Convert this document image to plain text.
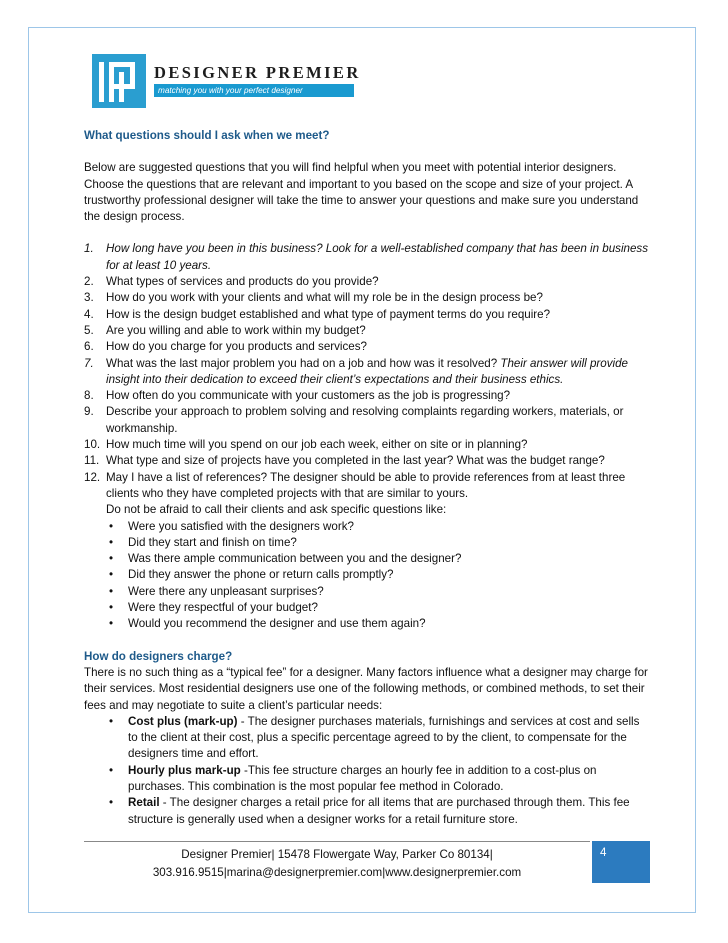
DESIGNER PREMIER
matching you with your perfect designer
What questions should I ask when we meet?

Below are suggested questions that you will find helpful when you meet with potential interior designers. Choose the questions that are relevant and important to you based on the scope and size of your project. A trustworthy professional designer will take the time to answer your questions and make sure you understand the design process.

1. How long have you been in this business? Look for a well-established company that has been in business for at least 10 years.
2. What types of services and products do you provide?
3. How do you work with your clients and what will my role be in the design process be?
4. How is the design budget established and what type of payment terms do you require?
5. Are you willing and able to work within my budget?
6. How do you charge for you products and services?
7. What was the last major problem you had on a job and how was it resolved? Their answer will provide insight into their dedication to exceed their client’s expectations and their business ethics.
8. How often do you communicate with your customers as the job is progressing?
9. Describe your approach to problem solving and resolving complaints regarding workers, materials, or workmanship.
10. How much time will you spend on our job each week, either on site or in planning?
11. What type and size of projects have you completed in the last year? What was the budget range?
12. May I have a list of references? The designer should be able to provide references from at least three clients who they have completed projects with that are similar to yours.

Do not be afraid to call their clients and ask specific questions like:

• Were you satisfied with the designers work?
• Did they start and finish on time?
• Was there ample communication between you and the designer?
• Did they answer the phone or return calls promptly?
• Were there any unpleasant surprises?
• Were they respectful of your budget?
• Would you recommend the designer and use them again?
How do designers charge?

There is no such thing as a “typical fee” for a designer. Many factors influence what a designer may charge for their services. Most residential designers use one of the following methods, or combined methods, to set their fees and may negotiate to suite a client’s particular needs:

• Cost plus (mark-up) - The designer purchases materials, furnishings and services at cost and sells to the client at their cost, plus a specific percentage agreed to by the client, to compensate for the designers time and effort.
• Hourly plus mark-up -This fee structure charges an hourly fee in addition to a cost-plus on purchases. This combination is the most popular fee method in Colorado.
• Retail - The designer charges a retail price for all items that are purchased through them. This fee structure is generally used when a designer works for a retail furniture store.
Designer Premier| 15478 Flowergate Way, Parker Co 80134|
303.916.9515|marina@designerpremier.com|www.designerpremier.com
4
